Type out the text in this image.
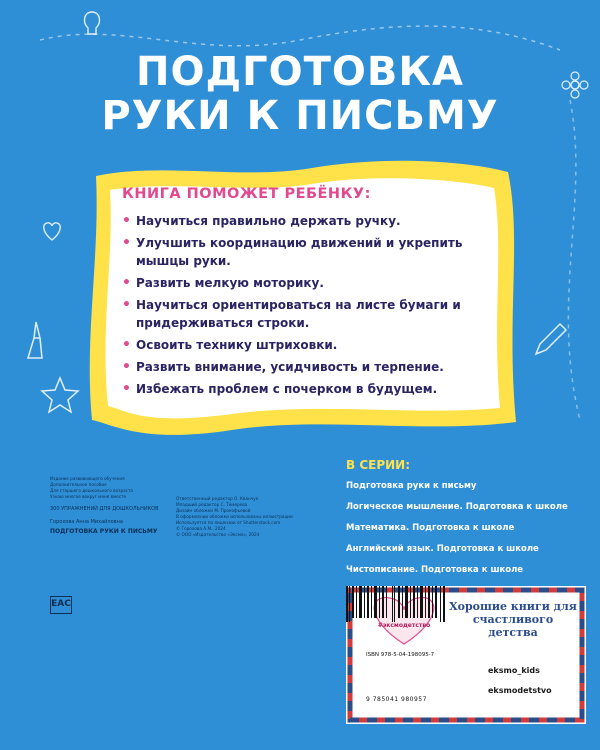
ПОДГОТОВКА
РУКИ К ПИСЬМУ
КНИГА ПОМОЖЕТ РЕБЁНКУ:
• Научиться правильно держать ручку.
• Улучшить координацию движений и укрепить мышцы руки.
• Развить мелкую моторику.
• Научиться ориентироваться на листе бумаги и придерживаться строки.
• Освоить технику штриховки.
• Развить внимание, усидчивость и терпение.
• Избежать проблем с почерком в будущем.
В СЕРИИ:
Подготовка руки к письму
Логическое мышление. Подготовка к школе
Математика. Подготовка к школе
Английский язык. Подготовка к школе
Чистописание. Подготовка к школе
Издание развивающего обучения
Дополнительное пособие
Для старшего дошкольного возраста
Узнаю многое вокруг меня вместе
300 УПРАЖНЕНИЙ ДЛЯ ДОШКОЛЬНИКОВ
Горохова Анна Михайловна
ПОДГОТОВКА РУКИ К ПИСЬМУ
Ответственный редактор О. Кванчук
Младший редактор С. Темерева
Дизайн обложки М. Прокофьевой
В оформлении обложки использованы иллюстрации
Используется по лицензии от Shutterstock.com
© Горохова А.М., 2024
© ООО «Издательство «Эксмо», 2024
EAC	Хорошие книги для счастливого детства
#эксмодетство
ISBN 978-5-04-198095-7
9 785041 980957
eksmo_kids
eksmodetstvo
